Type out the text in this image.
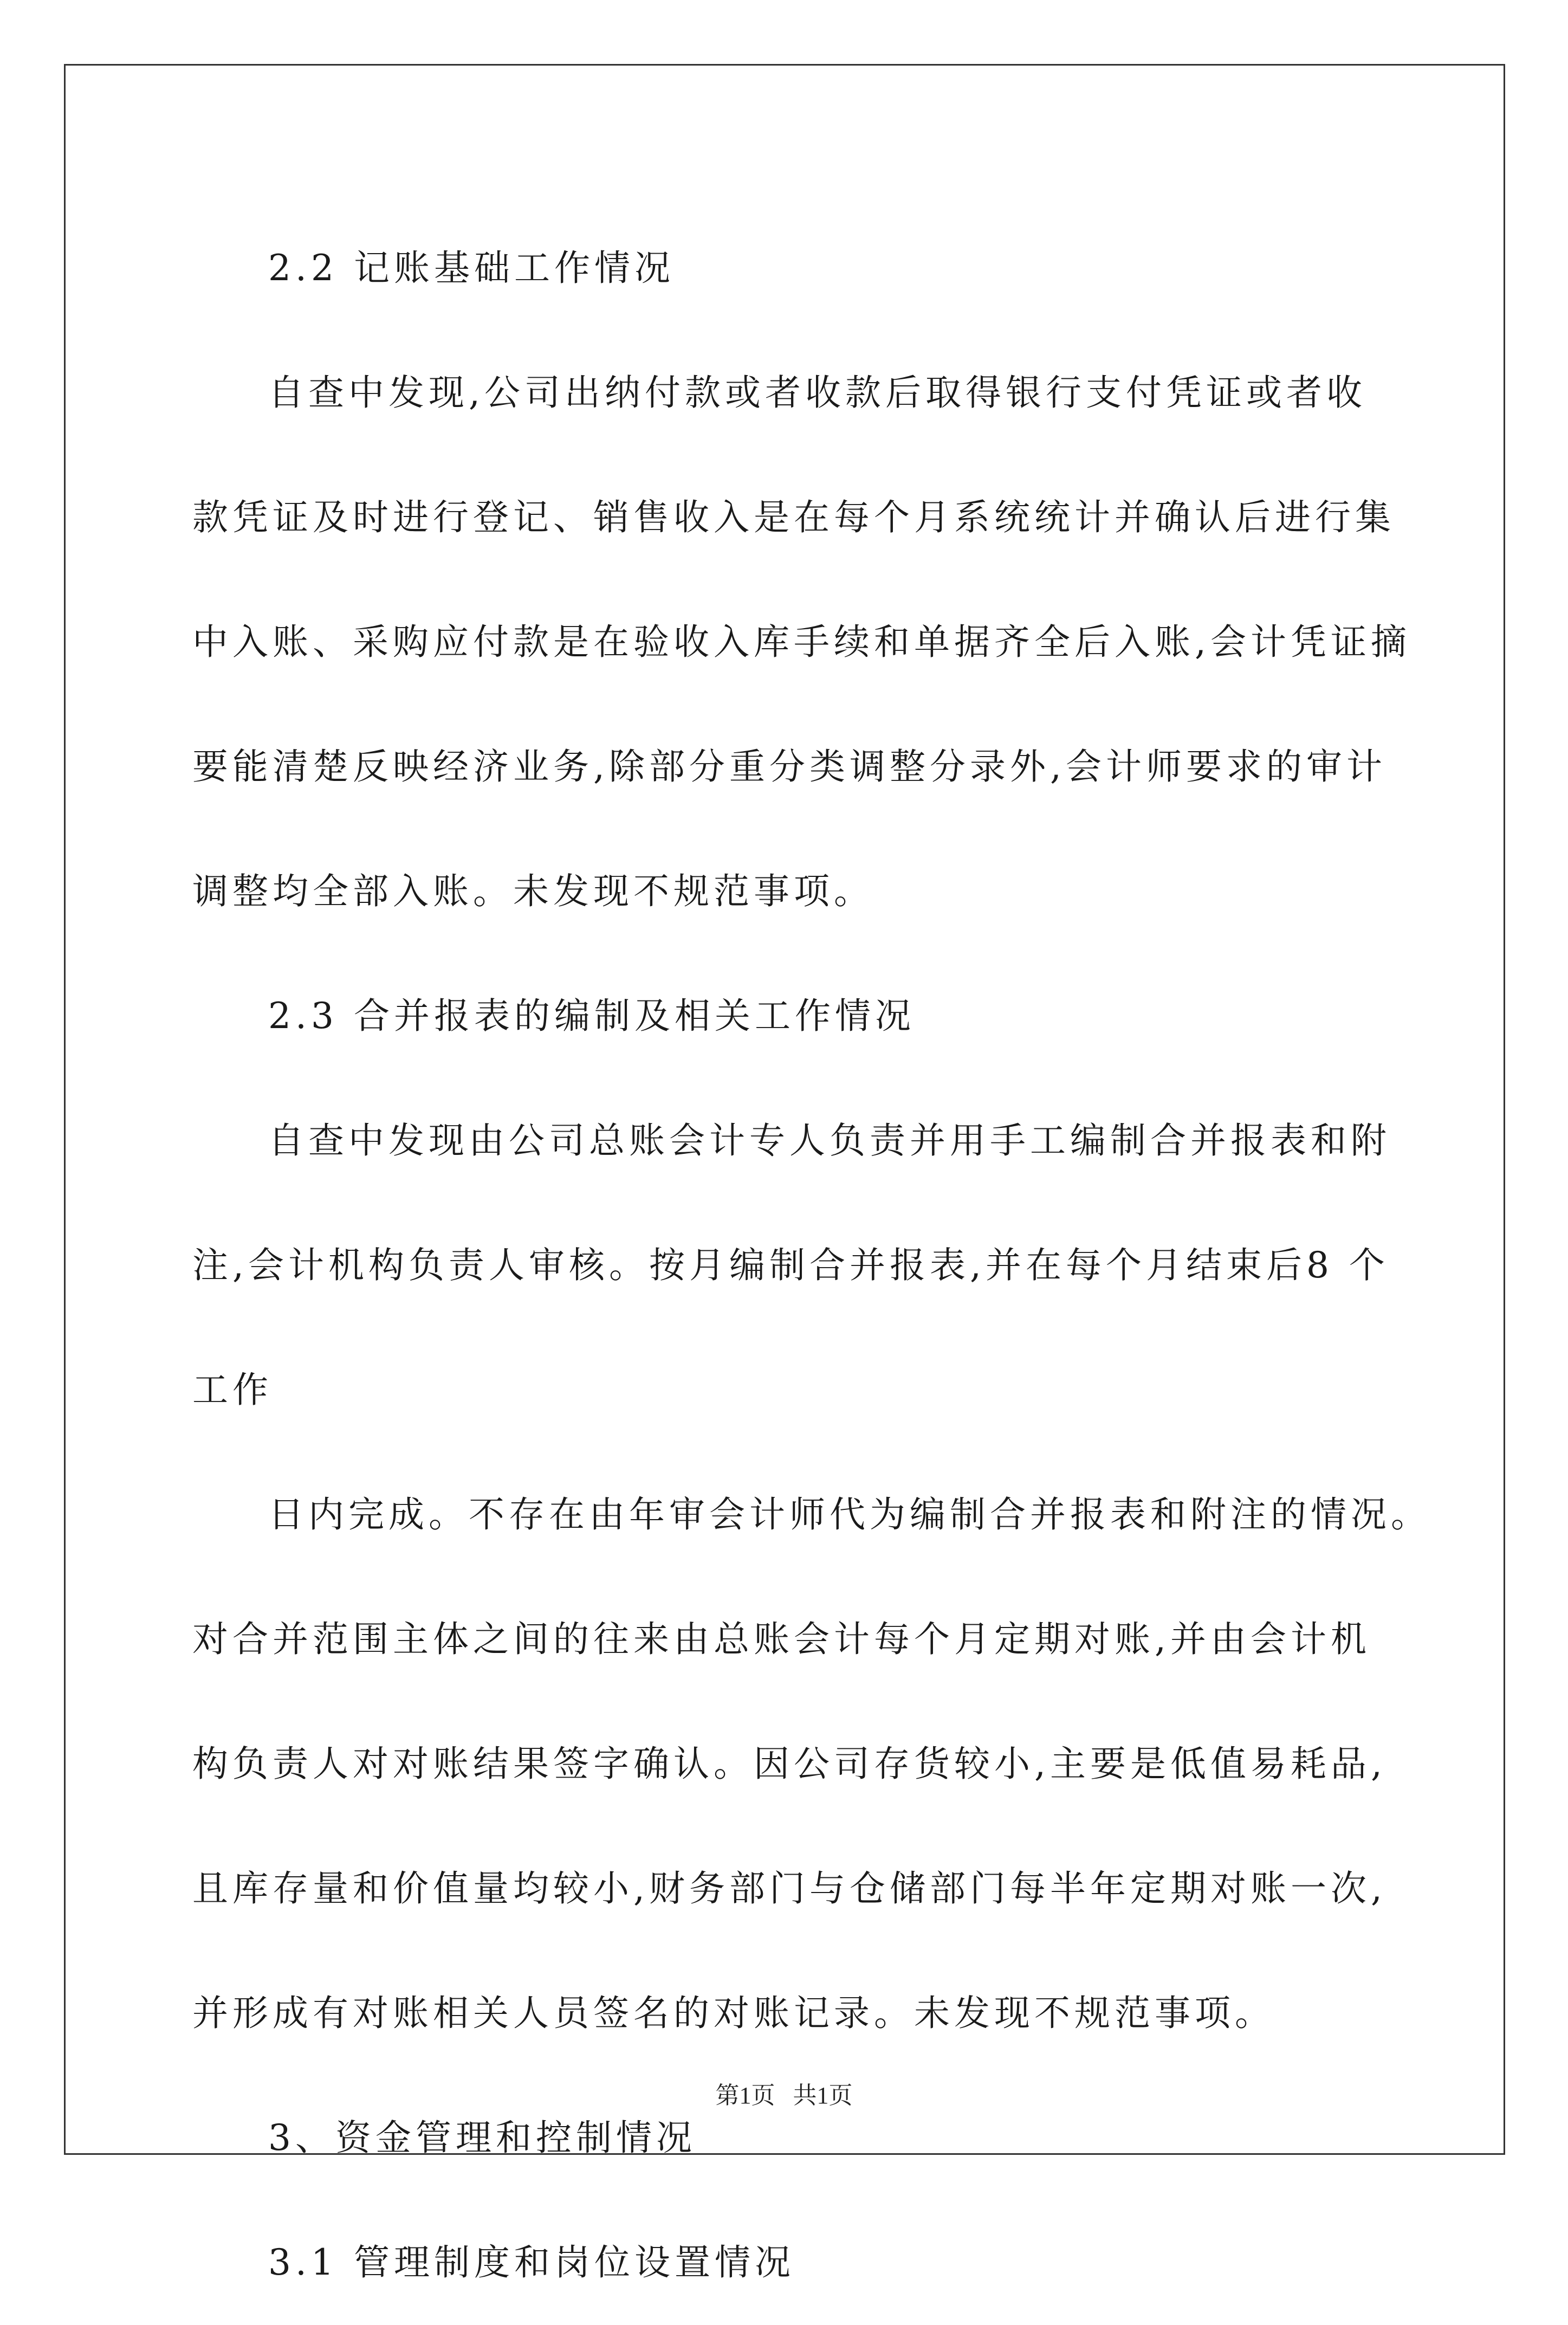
2.2 记账基础工作情况
自查中发现,公司出纳付款或者收款后取得银行支付凭证或者收
款凭证及时进行登记、销售收入是在每个月系统统计并确认后进行集
中入账、采购应付款是在验收入库手续和单据齐全后入账,会计凭证摘
要能清楚反映经济业务,除部分重分类调整分录外,会计师要求的审计
调整均全部入账。未发现不规范事项。
2.3 合并报表的编制及相关工作情况
自查中发现由公司总账会计专人负责并用手工编制合并报表和附
注,会计机构负责人审核。按月编制合并报表,并在每个月结束后8 个
工作
日内完成。不存在由年审会计师代为编制合并报表和附注的情况。
对合并范围主体之间的往来由总账会计每个月定期对账,并由会计机
构负责人对对账结果签字确认。因公司存货较小,主要是低值易耗品,
且库存量和价值量均较小,财务部门与仓储部门每半年定期对账一次,
并形成有对账相关人员签名的对账记录。未发现不规范事项。
3、资金管理和控制情况
3.1 管理制度和岗位设置情况
第1页   共1页
